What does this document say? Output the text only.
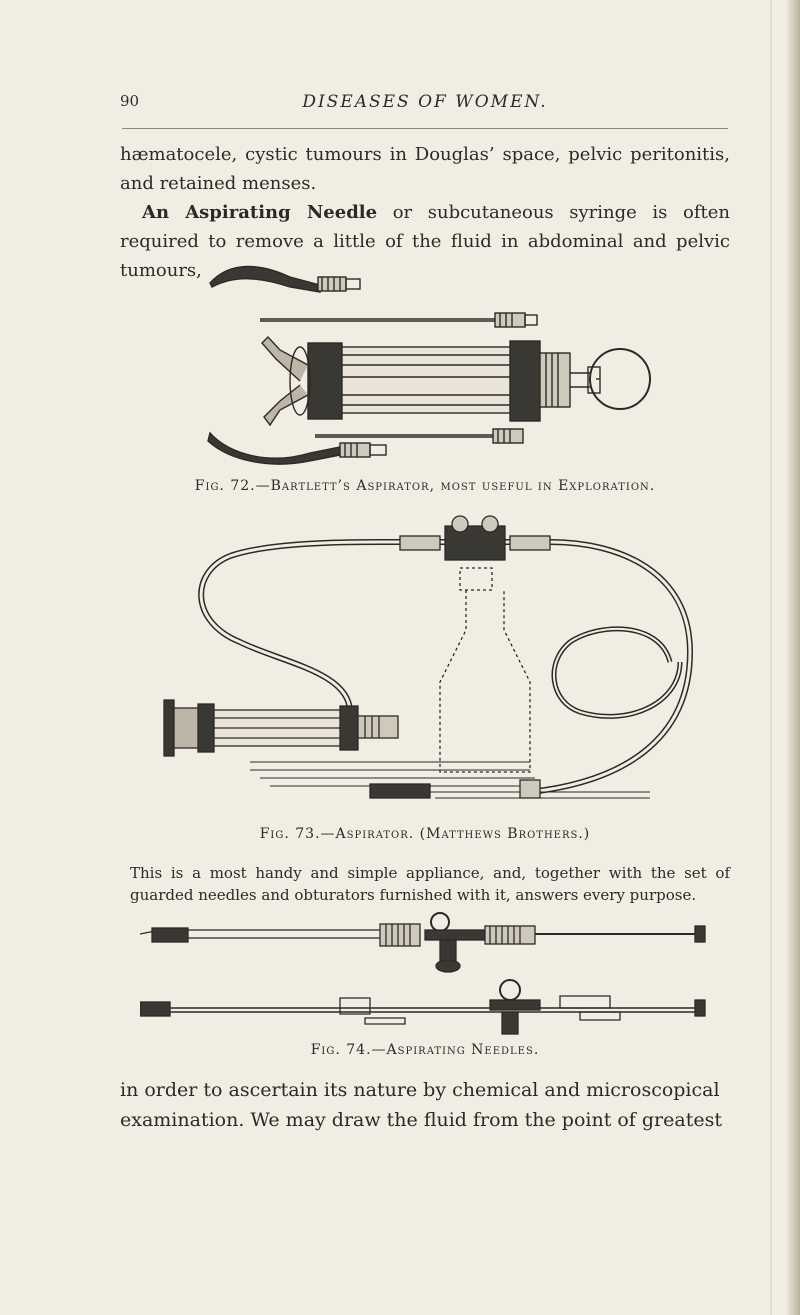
90	DISEASES OF WOMEN.

hæmatocele, cystic tumours in Douglas’ space, pelvic peritonitis, and retained menses.
An Aspirating Needle or subcutaneous syringe is often required to remove a little of the fluid in abdominal and pelvic tumours,

Fig. 72.—Bartlett’s Aspirator, most useful in Exploration.

Fig. 73.—Aspirator. (Matthews Brothers.)

This is a most handy and simple appliance, and, together with the set of guarded needles and obturators furnished with it, answers every purpose.

Fig. 74.—Aspirating Needles.

in order to ascertain its nature by chemical and microscopical examination. We may draw the fluid from the point of greatest
